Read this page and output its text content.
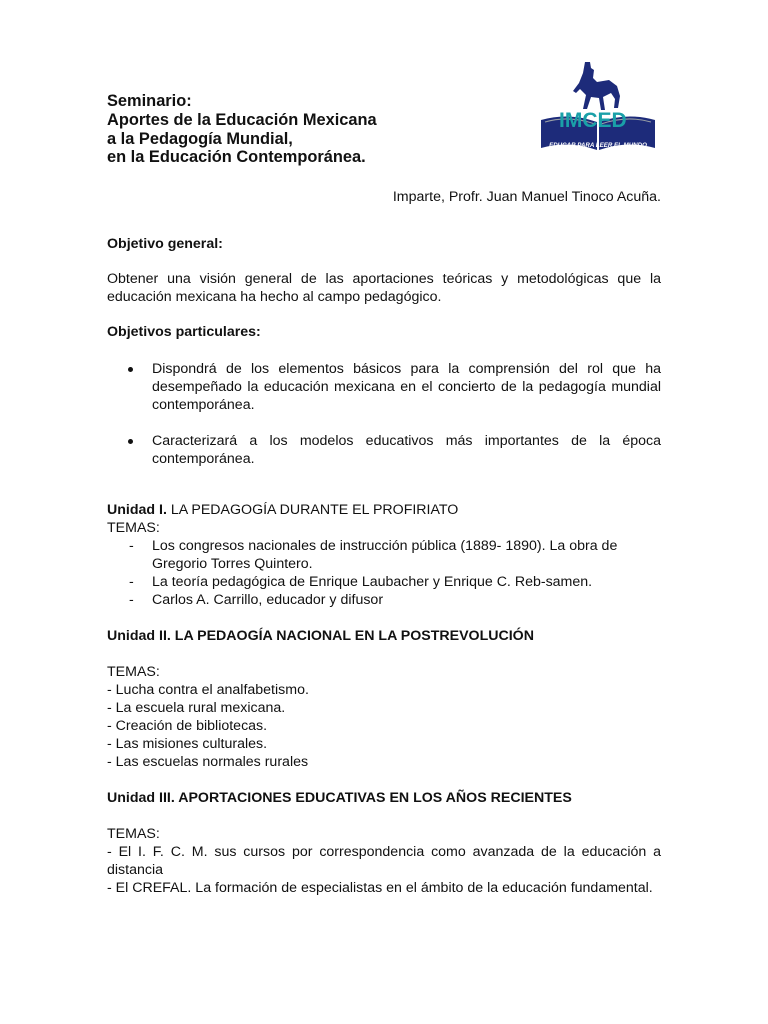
IMCED
EDUCAR PARA LEER EL MUNDO
Seminario:
Aportes de la Educación Mexicana
a la Pedagogía Mundial,
en la Educación Contemporánea.
Imparte, Profr. Juan Manuel Tinoco Acuña.
Objetivo general:

Obtener una visión general de las aportaciones teóricas y metodológicas que la educación mexicana ha hecho al campo pedagógico.

Objetivos particulares:
Dispondrá de los elementos básicos para la comprensión del rol que ha desempeñado la educación mexicana en el concierto de la pedagogía mundial contemporánea.
Caracterizará a los modelos educativos más importantes de la época contemporánea.
Unidad I. LA PEDAGOGÍA DURANTE EL PROFIRIATO
TEMAS:
- Los congresos nacionales de instrucción pública (1889- 1890). La obra de Gregorio Torres Quintero.
- La teoría pedagógica de Enrique Laubacher y Enrique C. Reb-samen.
- Carlos A. Carrillo, educador y difusor
Unidad II. LA PEDAOGÍA NACIONAL EN LA POSTREVOLUCIÓN
TEMAS:
- Lucha contra el analfabetismo.
- La escuela rural mexicana.
- Creación de bibliotecas.
- Las misiones culturales.
- Las escuelas normales rurales
Unidad III. APORTACIONES EDUCATIVAS EN LOS AÑOS RECIENTES
TEMAS:

- El I. F. C. M. sus cursos por correspondencia como avanzada de la educación a distancia

- El CREFAL. La formación de especialistas en el ámbito de la educación fundamental.
